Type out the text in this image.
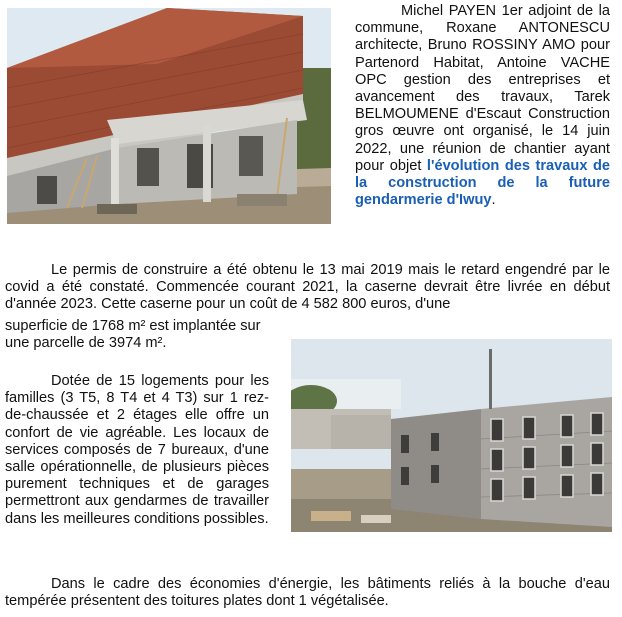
Michel PAYEN 1er adjoint de la commune, Roxane ANTONESCU architecte, Bruno ROSSINY AMO pour Partenord Habitat, Antoine VACHE OPC gestion des entreprises et avancement des travaux, Tarek BELMOUMENE d'Escaut Construction gros œuvre ont organisé, le 14 juin 2022, une réunion de chantier ayant pour objet l'évolution des travaux de la construction de la future gendarmerie d'Iwuy.

Le permis de construire a été obtenu le 13 mai 2019 mais le retard engendré par le covid a été constaté. Commencée courant 2021, la caserne devrait être livrée en début d'année 2023. Cette caserne pour un coût de 4 582 800 euros, d'une

superficie de 1768 m² est implantée sur une parcelle de 3974 m².

Dotée de 15 logements pour les familles (3 T5, 8 T4 et 4 T3) sur 1 rez-de-chaussée et 2 étages elle offre un confort de vie agréable. Les locaux de services composés de 7 bureaux, d'une salle opérationnelle, de plusieurs pièces purement techniques et de garages permettront aux gendarmes de travailler dans les meilleures conditions possibles.

Dans le cadre des économies d'énergie, les bâtiments reliés à la bouche d'eau tempérée présentent des toitures plates dont 1 végétalisée.
